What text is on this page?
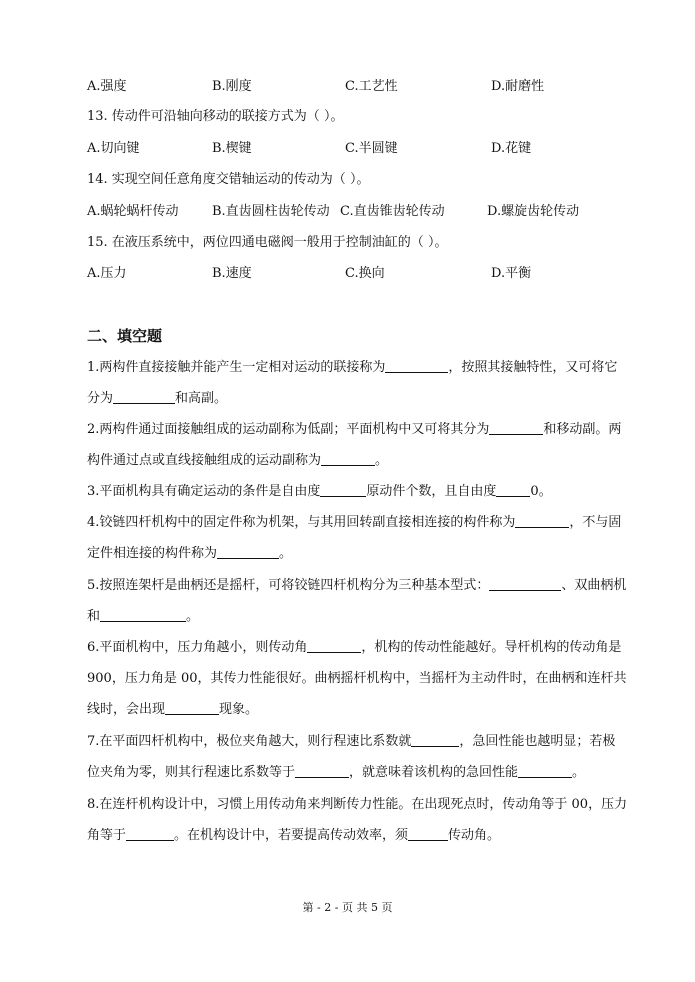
A.强度	B.刚度	C.工艺性	D.耐磨性
13. 传动件可沿轴向移动的联接方式为（ ）。
A.切向键	B.楔键	C.半圆键	D.花键
14. 实现空间任意角度交错轴运动的传动为（ ）。
A.蜗轮蜗杆传动	B.直齿圆柱齿轮传动 C.直齿锥齿轮传动	D.螺旋齿轮传动
15. 在液压系统中，两位四通电磁阀一般用于控制油缸的（ ）。
A.压力	B.速度	C.换向	D.平衡
二、填空题
1.两构件直接接触并能产生一定相对运动的联接称为	，按照其接触特性，又可将它
分为	和高副。
2.两构件通过面接触组成的运动副称为低副；平面机构中又可将其分为	和移动副。两
构件通过点或直线接触组成的运动副称为	。
3.平面机构具有确定运动的条件是自由度	原动件个数，且自由度	0。
4.铰链四杆机构中的固定件称为机架，与其用回转副直接相连接的构件称为	，不与固
定件相连接的构件称为	。
5.按照连架杆是曲柄还是摇杆，可将铰链四杆机构分为三种基本型式：	、双曲柄机
和	。
6.平面机构中，压力角越小，则传动角	，机构的传动性能越好。导杆机构的传动角是
900，压力角是 00，其传力性能很好。曲柄摇杆机构中，当摇杆为主动件时，在曲柄和连杆共
线时，会出现	现象。
7.在平面四杆机构中，极位夹角越大，则行程速比系数就	，急回性能也越明显；若极
位夹角为零，则其行程速比系数等于	，就意味着该机构的急回性能	。
8.在连杆机构设计中，习惯上用传动角来判断传力性能。在出现死点时，传动角等于 00，压力
角等于	。在机构设计中，若要提高传动效率，须	传动角。
第 - 2 - 页 共 5 页
